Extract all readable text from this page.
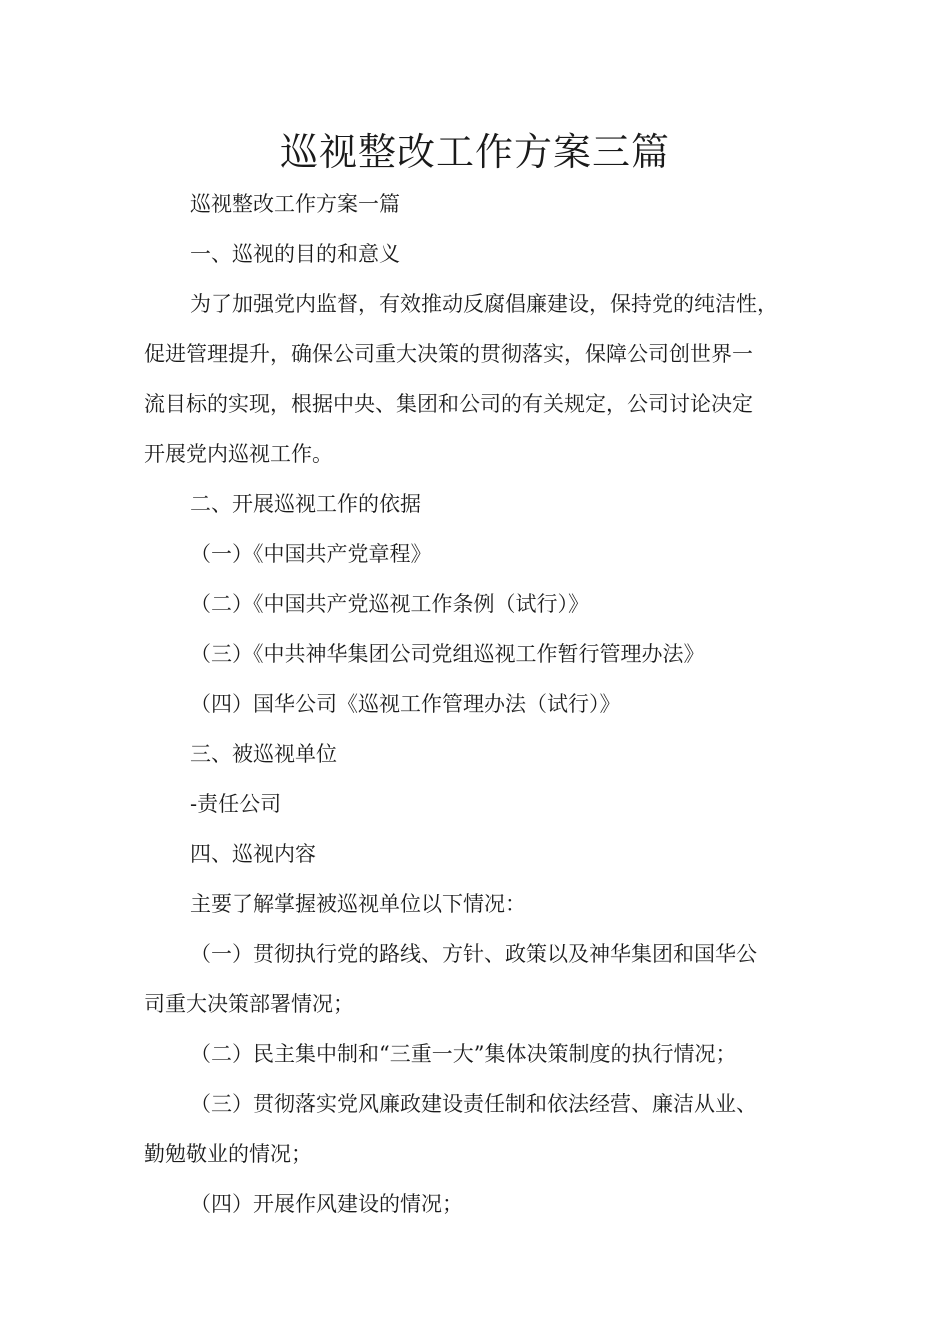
巡视整改工作方案三篇

巡视整改工作方案一篇

一、巡视的目的和意义

为了加强党内监督，有效推动反腐倡廉建设，保持党的纯洁性，

促进管理提升，确保公司重大决策的贯彻落实，保障公司创世界一

流目标的实现，根据中央、集团和公司的有关规定，公司讨论决定

开展党内巡视工作。

二、开展巡视工作的依据

（一）《中国共产党章程》

（二）《中国共产党巡视工作条例（试行）》

（三）《中共神华集团公司党组巡视工作暂行管理办法》

（四）国华公司《巡视工作管理办法（试行）》

三、被巡视单位

-责任公司

四、巡视内容

主要了解掌握被巡视单位以下情况：

（一）贯彻执行党的路线、方针、政策以及神华集团和国华公

司重大决策部署情况；

（二）民主集中制和“三重一大”集体决策制度的执行情况；

（三）贯彻落实党风廉政建设责任制和依法经营、廉洁从业、

勤勉敬业的情况；

（四）开展作风建设的情况；
